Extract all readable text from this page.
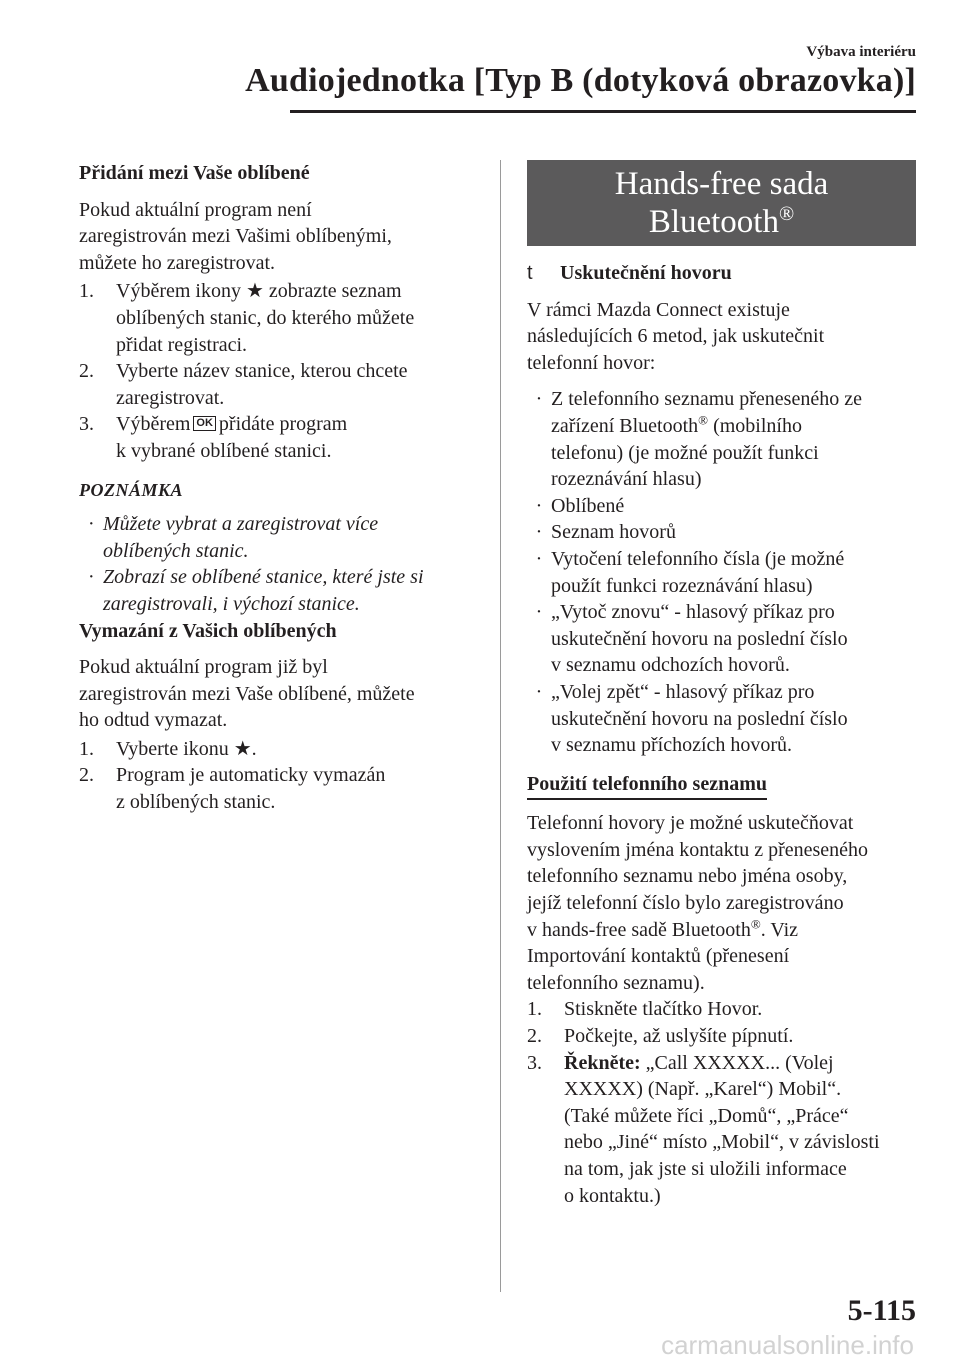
Výbava interiéru
Audiojednotka [Typ B (dotyková obrazovka)]

Přidání mezi Vaše oblíbené

Pokud aktuální program není

zaregistrován mezi Vašimi oblíbenými,

můžete ho zaregistrovat.

1.	Výběrem ikony ★ zobrazte seznam

oblíbených stanic, do kterého můžete

přidat registraci.

2.	Vyberte název stanice, kterou chcete

zaregistrovat.

3.	Výběrem OK přidáte program

k vybrané oblíbené stanici.

POZNÁMKA

· Můžete vybrat a zaregistrovat více

oblíbených stanic.

· Zobrazí se oblíbené stanice, které jste si

zaregistrovali, i výchozí stanice.

Vymazání z Vašich oblíbených

Pokud aktuální program již byl

zaregistrován mezi Vaše oblíbené, můžete

ho odtud vymazat.

1.	Vyberte ikonu ★.

2.	Program je automaticky vymazán

z oblíbených stanic.

Hands-free sada
Bluetooth®
t	Uskutečnění hovoru

V rámci Mazda Connect existuje

následujících 6 metod, jak uskutečnit

telefonní hovor:

· Z telefonního seznamu přeneseného ze

zařízení Bluetooth® (mobilního

telefonu) (je možné použít funkci

rozeznávání hlasu)

· Oblíbené

· Seznam hovorů

· Vytočení telefonního čísla (je možné

použít funkci rozeznávání hlasu)

· „Vytoč znovu“ - hlasový příkaz pro

uskutečnění hovoru na poslední číslo

v seznamu odchozích hovorů.

· „Volej zpět“ - hlasový příkaz pro

uskutečnění hovoru na poslední číslo

v seznamu příchozích hovorů.

Použití telefonního seznamu

Telefonní hovory je možné uskutečňovat

vyslovením jména kontaktu z přeneseného

telefonního seznamu nebo jména osoby,

jejíž telefonní číslo bylo zaregistrováno

v hands-free sadě Bluetooth®. Viz

Importování kontaktů (přenesení

telefonního seznamu).

1.	Stiskněte tlačítko Hovor.

2.	Počkejte, až uslyšíte pípnutí.

3.	Řekněte: „Call XXXXX... (Volej

XXXXX) (Např. „Karel“) Mobil“.

(Také můžete říci „Domů“, „Práce“

nebo „Jiné“ místo „Mobil“, v závislosti

na tom, jak jste si uložili informace

o kontaktu.)

5-115
carmanualsonline.info
